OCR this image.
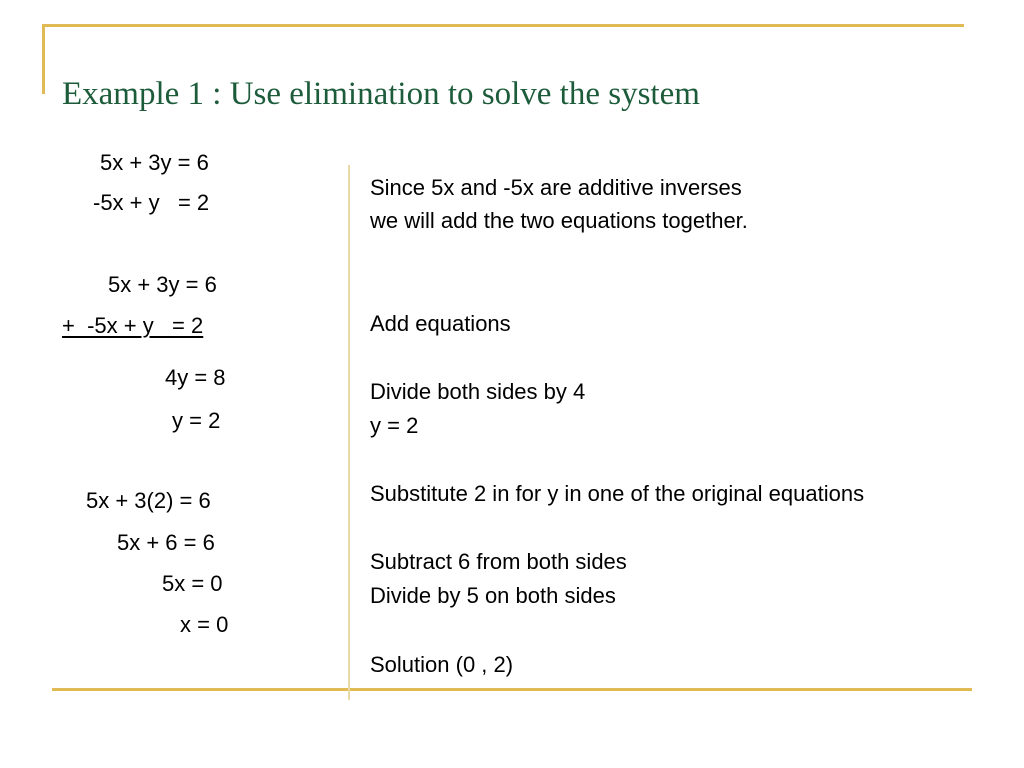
Example 1 : Use elimination to solve the system
5x + 3y = 6
-5x + y   = 2
5x + 3y = 6
+  -5x + y   = 2
4y = 8
y = 2
5x + 3(2) = 6
5x + 6 = 6
5x = 0
x = 0
Since 5x and -5x are additive inverses
we will add the two equations together.
Add equations
Divide both sides by 4
y = 2
Substitute 2 in for y in one of the original equations
Subtract 6 from both sides
Divide by 5 on both sides
Solution (0 , 2)
